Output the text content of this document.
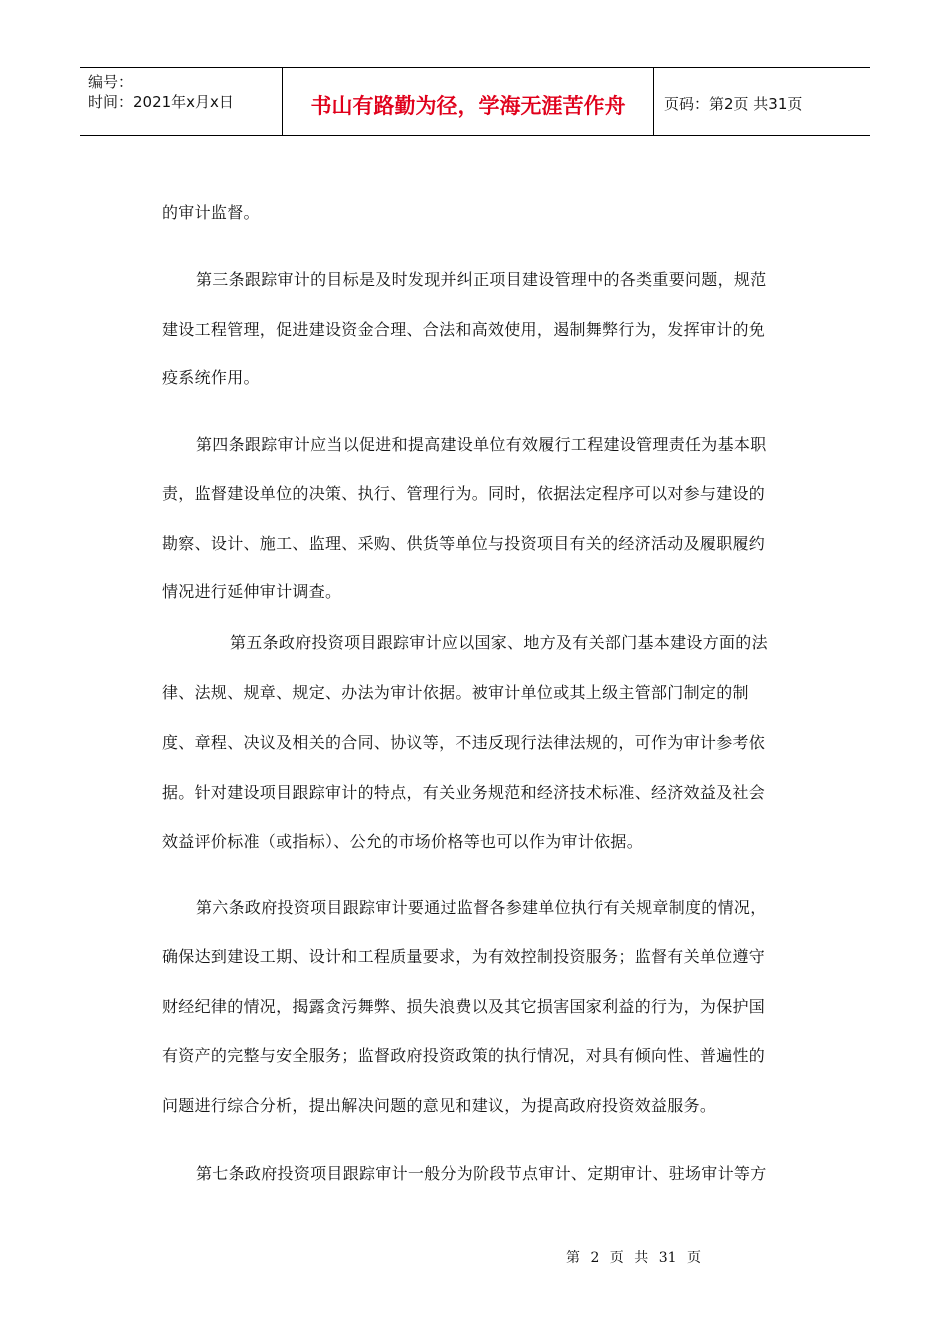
编号：
时间：2021年x月x日	书山有路勤为径，学海无涯苦作舟	页码：第2页 共31页
的审计监督。
第三条跟踪审计的目标是及时发现并纠正项目建设管理中的各类重要问题，规范
建设工程管理，促进建设资金合理、合法和高效使用，遏制舞弊行为，发挥审计的免
疫系统作用。
第四条跟踪审计应当以促进和提高建设单位有效履行工程建设管理责任为基本职
责，监督建设单位的决策、执行、管理行为。同时，依据法定程序可以对参与建设的
勘察、设计、施工、监理、采购、供货等单位与投资项目有关的经济活动及履职履约
情况进行延伸审计调查。
第五条政府投资项目跟踪审计应以国家、地方及有关部门基本建设方面的法
律、法规、规章、规定、办法为审计依据。被审计单位或其上级主管部门制定的制
度、章程、决议及相关的合同、协议等，不违反现行法律法规的，可作为审计参考依
据。针对建设项目跟踪审计的特点，有关业务规范和经济技术标准、经济效益及社会
效益评价标准（或指标）、公允的市场价格等也可以作为审计依据。
第六条政府投资项目跟踪审计要通过监督各参建单位执行有关规章制度的情况，
确保达到建设工期、设计和工程质量要求，为有效控制投资服务；监督有关单位遵守
财经纪律的情况，揭露贪污舞弊、损失浪费以及其它损害国家利益的行为，为保护国
有资产的完整与安全服务；监督政府投资政策的执行情况，对具有倾向性、普遍性的
问题进行综合分析，提出解决问题的意见和建议，为提高政府投资效益服务。
第七条政府投资项目跟踪审计一般分为阶段节点审计、定期审计、驻场审计等方
第 2 页 共 31 页
